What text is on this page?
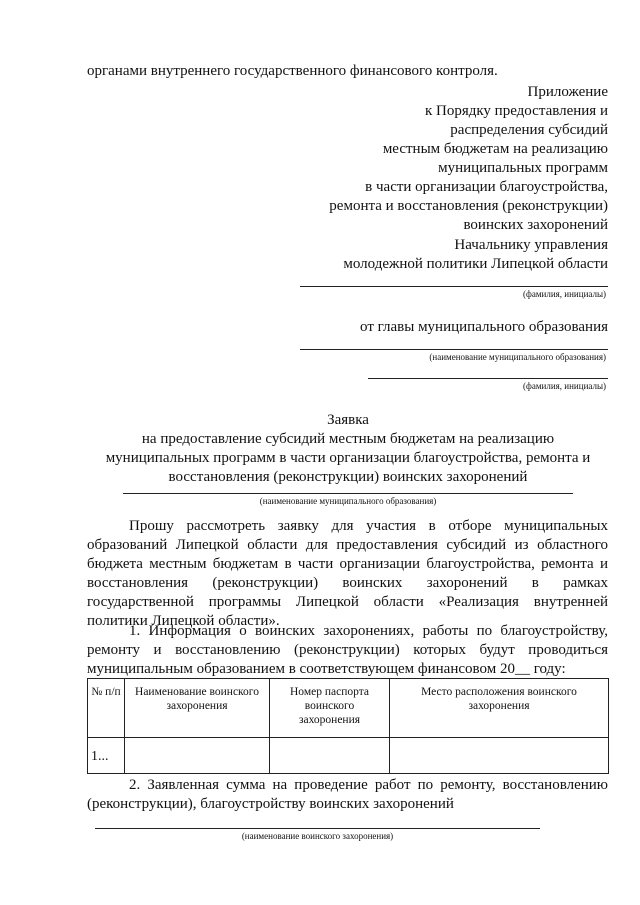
органами внутреннего государственного финансового контроля.
Приложение
к Порядку предоставления и
распределения субсидий
местным бюджетам на реализацию
муниципальных программ
в части организации благоустройства,
ремонта и восстановления (реконструкции)
воинских захоронений
Начальнику управления
молодежной политики Липецкой области
(фамилия, инициалы)
от главы муниципального образования
(наименование муниципального образования)
(фамилия, инициалы)
Заявка
на предоставление субсидий местным бюджетам на реализацию
муниципальных программ в части организации благоустройства, ремонта и
восстановления (реконструкции) воинских захоронений
(наименование муниципального образования)
Прошу рассмотреть заявку для участия в отборе муниципальных
образований Липецкой области для предоставления субсидий из областного
бюджета местным бюджетам в части организации благоустройства, ремонта и
восстановления (реконструкции) воинских захоронений в рамках
государственной программы Липецкой области «Реализация внутренней
политики Липецкой области».
1. Информация о воинских захоронениях, работы по благоустройству,
ремонту и восстановлению (реконструкции) которых будут проводиться
муниципальным образованием в соответствующем финансовом 20__ году:
№ п/п	Наименование воинского захоронения	Номер паспорта воинского захоронения	Место расположения воинского захоронения
1...			
2. Заявленная сумма на проведение работ по ремонту, восстановлению
(реконструкции), благоустройству воинских захоронений
(наименование воинского захоронения)
